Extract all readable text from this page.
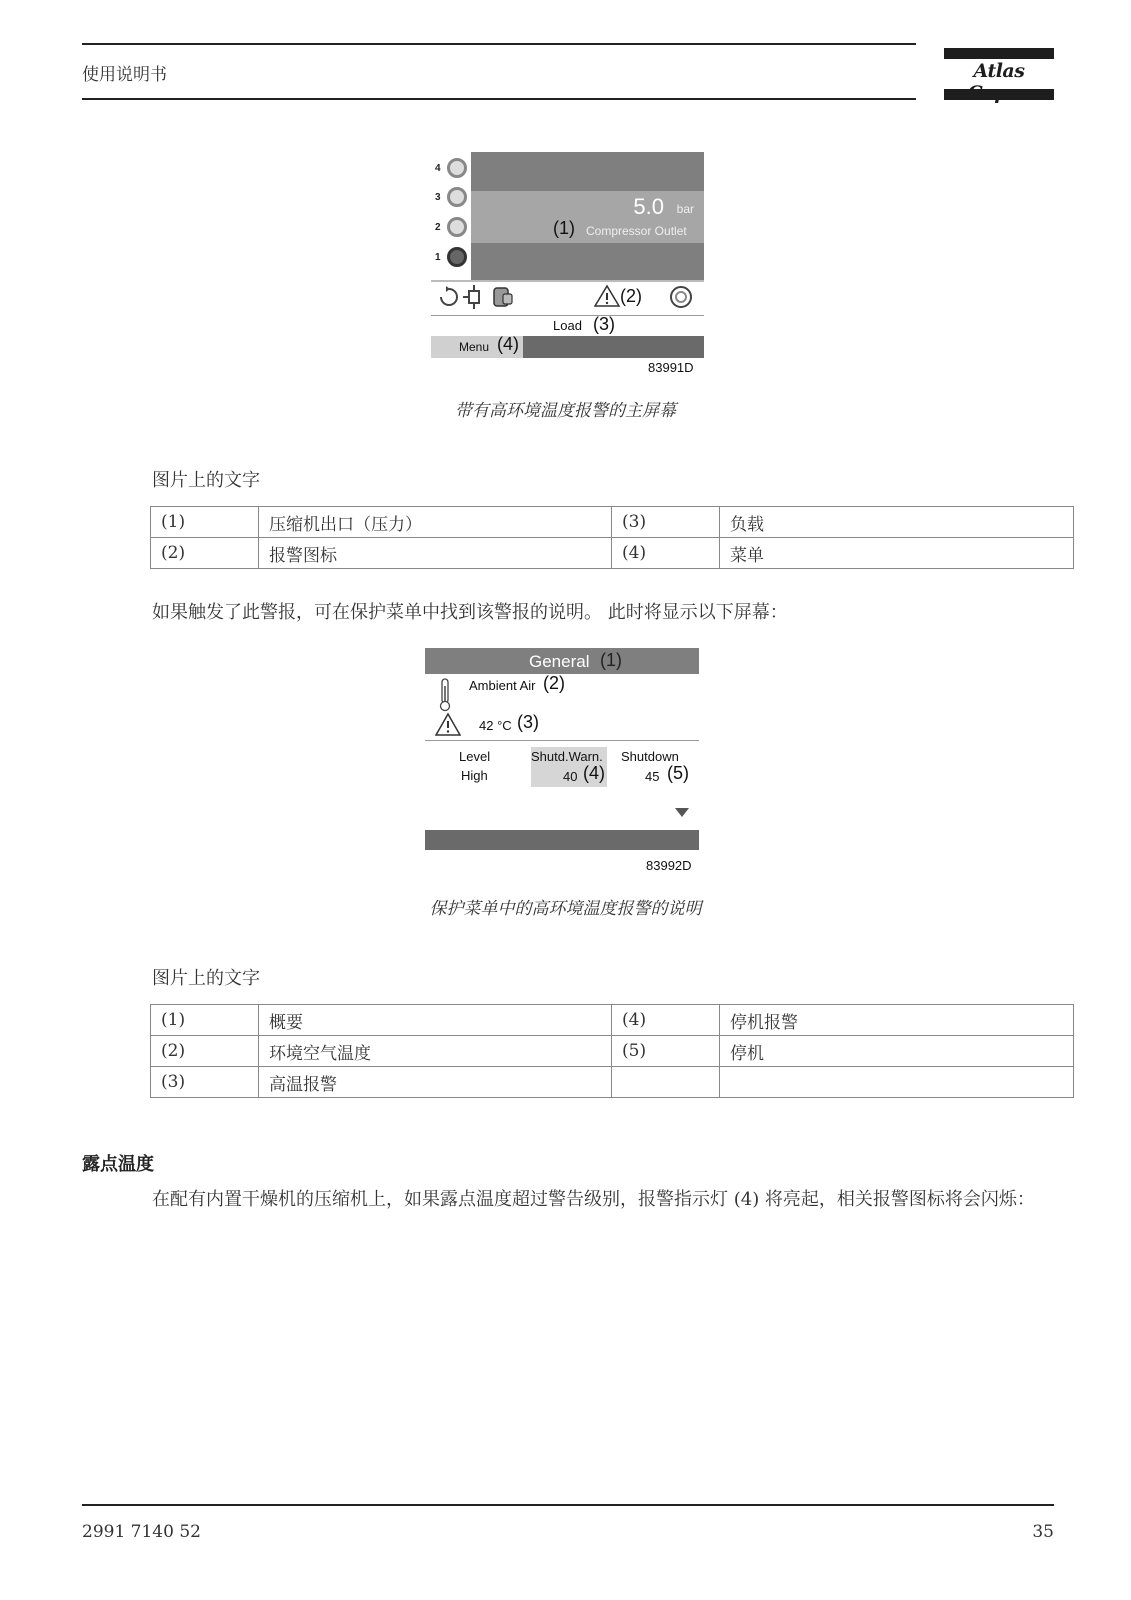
使用说明书	Atlas
4
3
2
1
5.0 bar
(1) Compressor Outlet
(2)
Load (3)
Menu (4)
83991D
带有高环境温度报警的主屏幕
图片上的文字
(1)	压缩机出口（压力）	(3)	负载
(2)	报警图标	(4)	菜单
如果触发了此警报，可在保护菜单中找到该警报的说明。 此时将显示以下屏幕：
General (1)
Ambient Air (2)
42 °C (3)
Level
High
Shutd.Warn.
40 (4)
Shutdown
45 (5)
83992D
保护菜单中的高环境温度报警的说明
图片上的文字
(1)	概要	(4)	停机报警
(2)	环境空气温度	(5)	停机
(3)	高温报警		
露点温度
在配有内置干燥机的压缩机上，如果露点温度超过警告级别，报警指示灯 (4) 将亮起，相关报警图标将会闪烁：
2991 7140 52	35
